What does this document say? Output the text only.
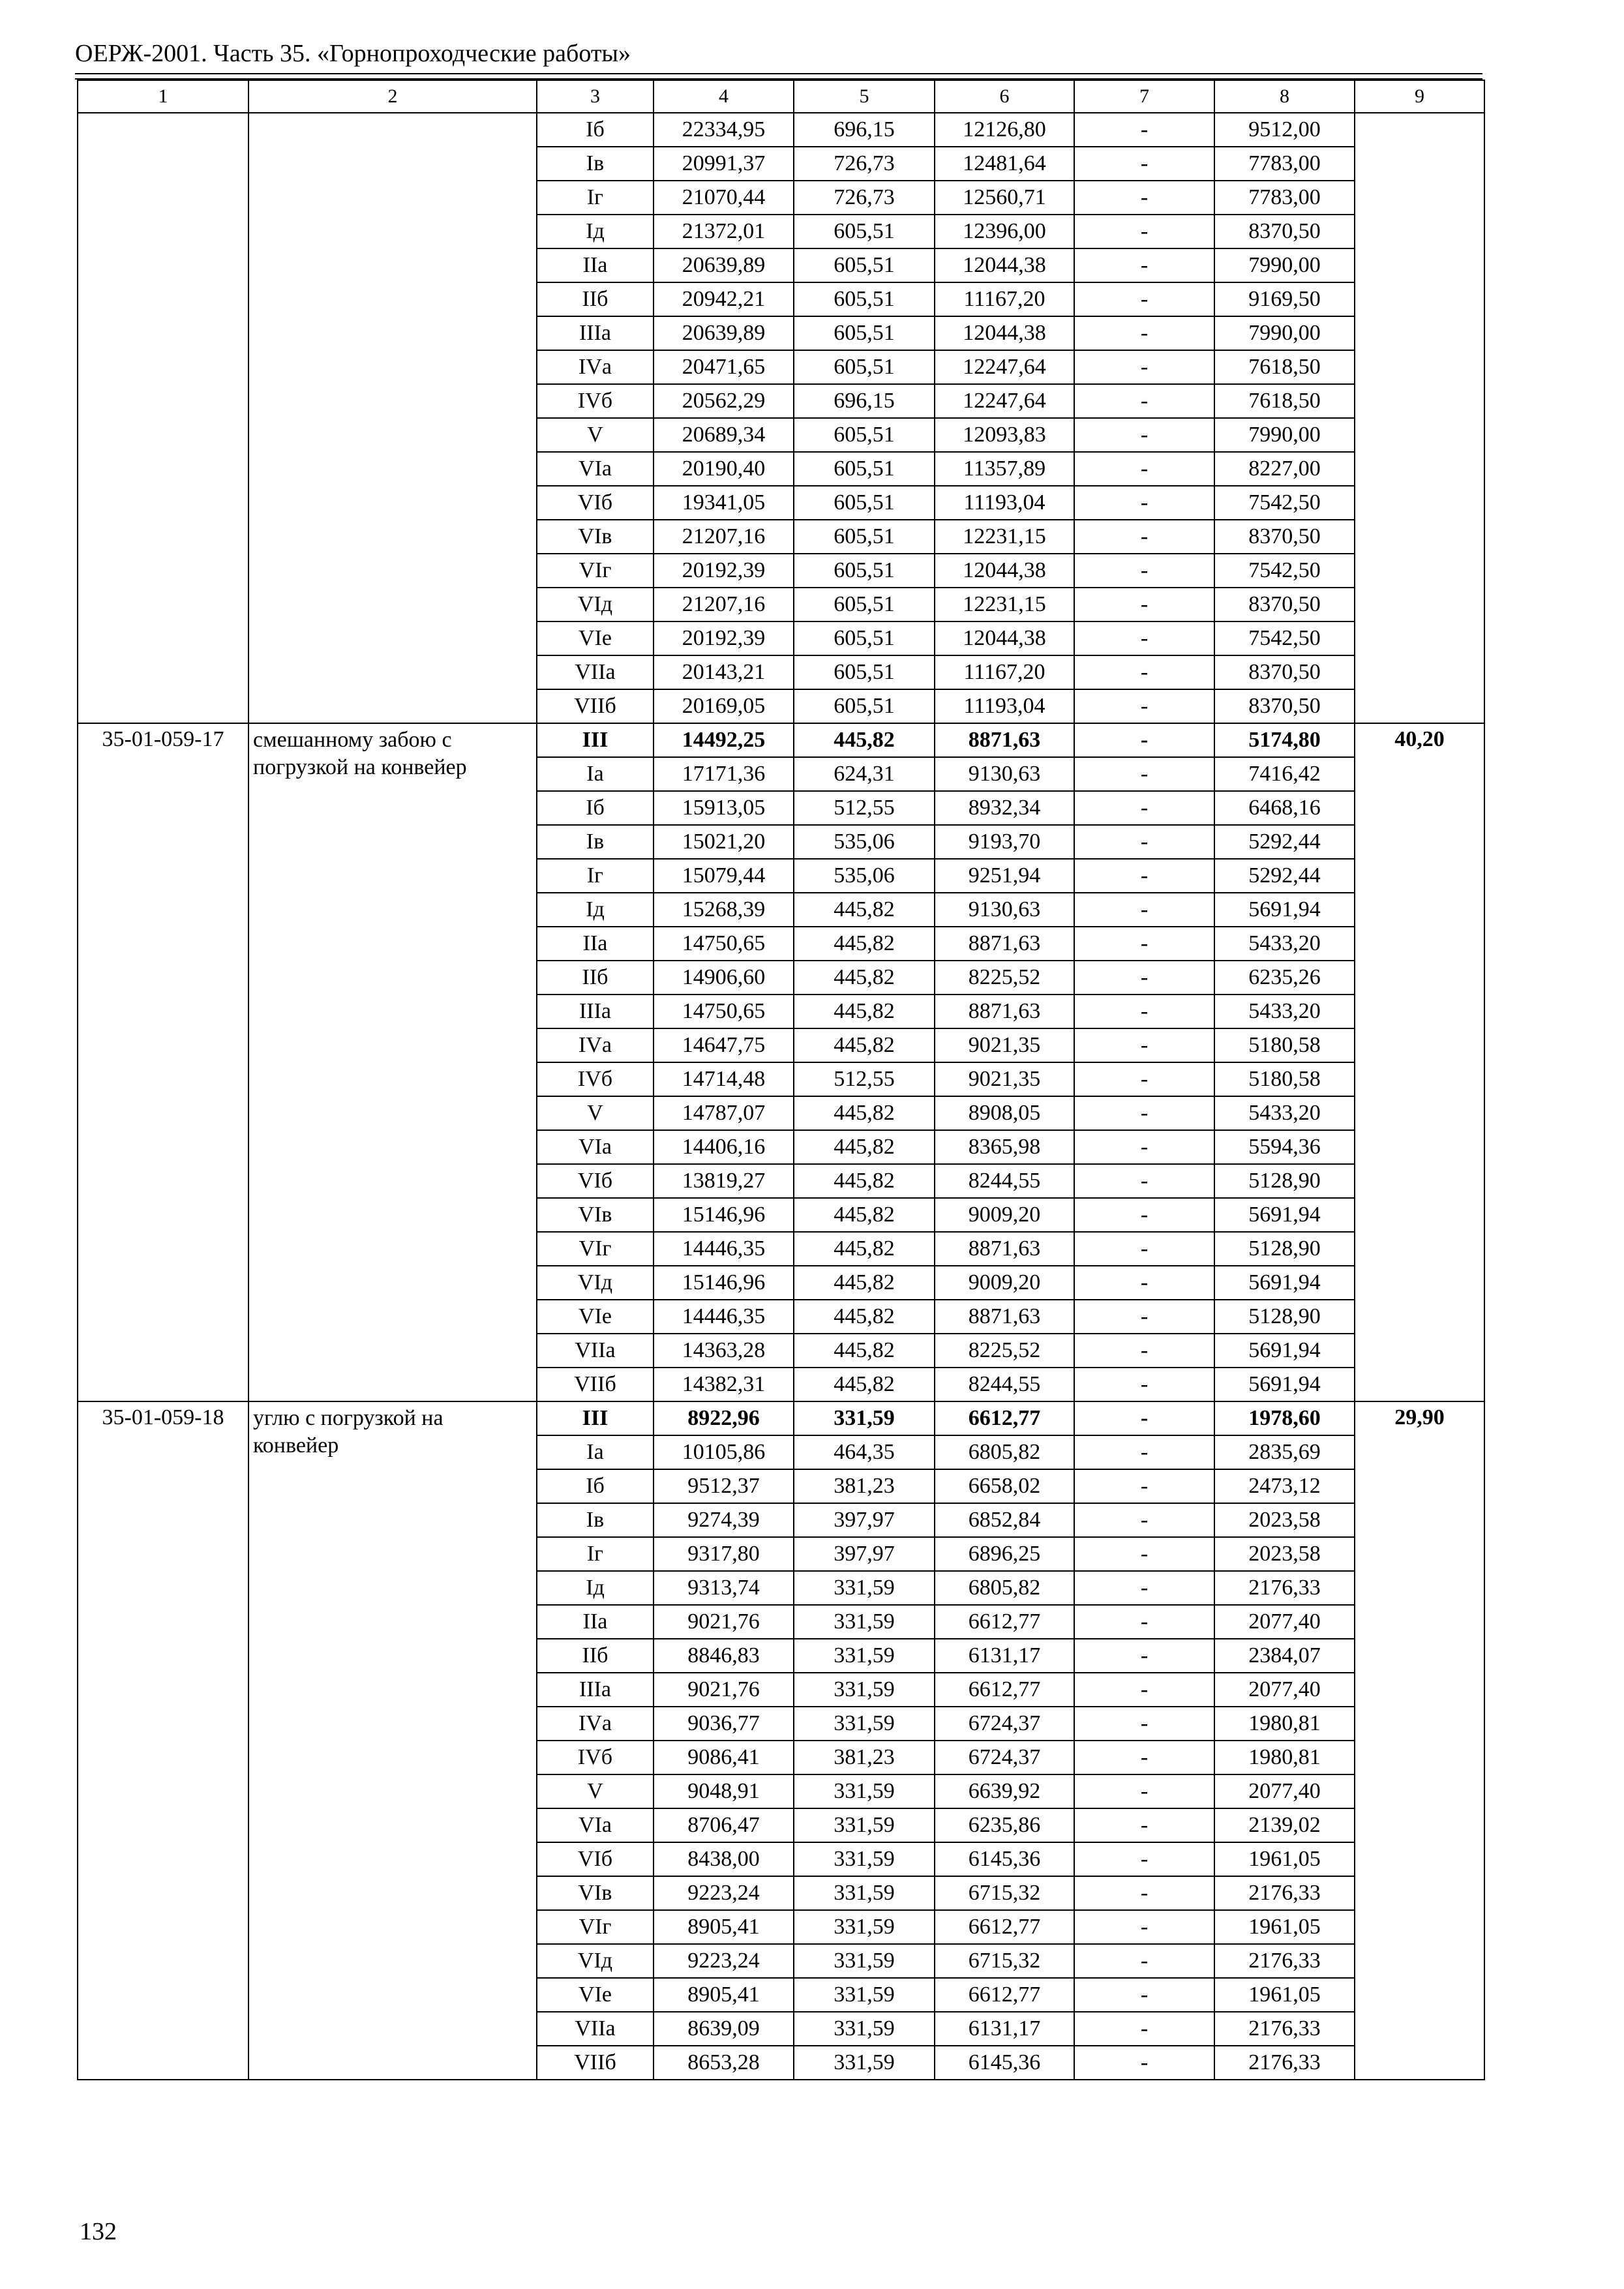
ОЕРЖ-2001. Часть 35. «Горнопроходческие работы»
1	2	3	4	5	6	7	8	9
		Iб	22334,95	696,15	12126,80	-	9512,00	
		Iв	20991,37	726,73	12481,64	-	7783,00	
		Iг	21070,44	726,73	12560,71	-	7783,00	
		Iд	21372,01	605,51	12396,00	-	8370,50	
		IIа	20639,89	605,51	12044,38	-	7990,00	
		IIб	20942,21	605,51	11167,20	-	9169,50	
		IIIа	20639,89	605,51	12044,38	-	7990,00	
		IVа	20471,65	605,51	12247,64	-	7618,50	
		IVб	20562,29	696,15	12247,64	-	7618,50	
		V	20689,34	605,51	12093,83	-	7990,00	
		VIа	20190,40	605,51	11357,89	-	8227,00	
		VIб	19341,05	605,51	11193,04	-	7542,50	
		VIв	21207,16	605,51	12231,15	-	8370,50	
		VIг	20192,39	605,51	12044,38	-	7542,50	
		VIд	21207,16	605,51	12231,15	-	8370,50	
		VIе	20192,39	605,51	12044,38	-	7542,50	
		VIIа	20143,21	605,51	11167,20	-	8370,50	
		VIIб	20169,05	605,51	11193,04	-	8370,50	
35-01-059-17	смешанному забою с погрузкой на конвейер	III	14492,25	445,82	8871,63	-	5174,80	40,20
		Iа	17171,36	624,31	9130,63	-	7416,42	
		Iб	15913,05	512,55	8932,34	-	6468,16	
		Iв	15021,20	535,06	9193,70	-	5292,44	
		Iг	15079,44	535,06	9251,94	-	5292,44	
		Iд	15268,39	445,82	9130,63	-	5691,94	
		IIа	14750,65	445,82	8871,63	-	5433,20	
		IIб	14906,60	445,82	8225,52	-	6235,26	
		IIIа	14750,65	445,82	8871,63	-	5433,20	
		IVа	14647,75	445,82	9021,35	-	5180,58	
		IVб	14714,48	512,55	9021,35	-	5180,58	
		V	14787,07	445,82	8908,05	-	5433,20	
		VIа	14406,16	445,82	8365,98	-	5594,36	
		VIб	13819,27	445,82	8244,55	-	5128,90	
		VIв	15146,96	445,82	9009,20	-	5691,94	
		VIг	14446,35	445,82	8871,63	-	5128,90	
		VIд	15146,96	445,82	9009,20	-	5691,94	
		VIе	14446,35	445,82	8871,63	-	5128,90	
		VIIа	14363,28	445,82	8225,52	-	5691,94	
		VIIб	14382,31	445,82	8244,55	-	5691,94	
35-01-059-18	углю с погрузкой на конвейер	III	8922,96	331,59	6612,77	-	1978,60	29,90
		Iа	10105,86	464,35	6805,82	-	2835,69	
		Iб	9512,37	381,23	6658,02	-	2473,12	
		Iв	9274,39	397,97	6852,84	-	2023,58	
		Iг	9317,80	397,97	6896,25	-	2023,58	
		Iд	9313,74	331,59	6805,82	-	2176,33	
		IIа	9021,76	331,59	6612,77	-	2077,40	
		IIб	8846,83	331,59	6131,17	-	2384,07	
		IIIа	9021,76	331,59	6612,77	-	2077,40	
		IVа	9036,77	331,59	6724,37	-	1980,81	
		IVб	9086,41	381,23	6724,37	-	1980,81	
		V	9048,91	331,59	6639,92	-	2077,40	
		VIа	8706,47	331,59	6235,86	-	2139,02	
		VIб	8438,00	331,59	6145,36	-	1961,05	
		VIв	9223,24	331,59	6715,32	-	2176,33	
		VIг	8905,41	331,59	6612,77	-	1961,05	
		VIд	9223,24	331,59	6715,32	-	2176,33	
		VIе	8905,41	331,59	6612,77	-	1961,05	
		VIIа	8639,09	331,59	6131,17	-	2176,33	
		VIIб	8653,28	331,59	6145,36	-	2176,33	
132
